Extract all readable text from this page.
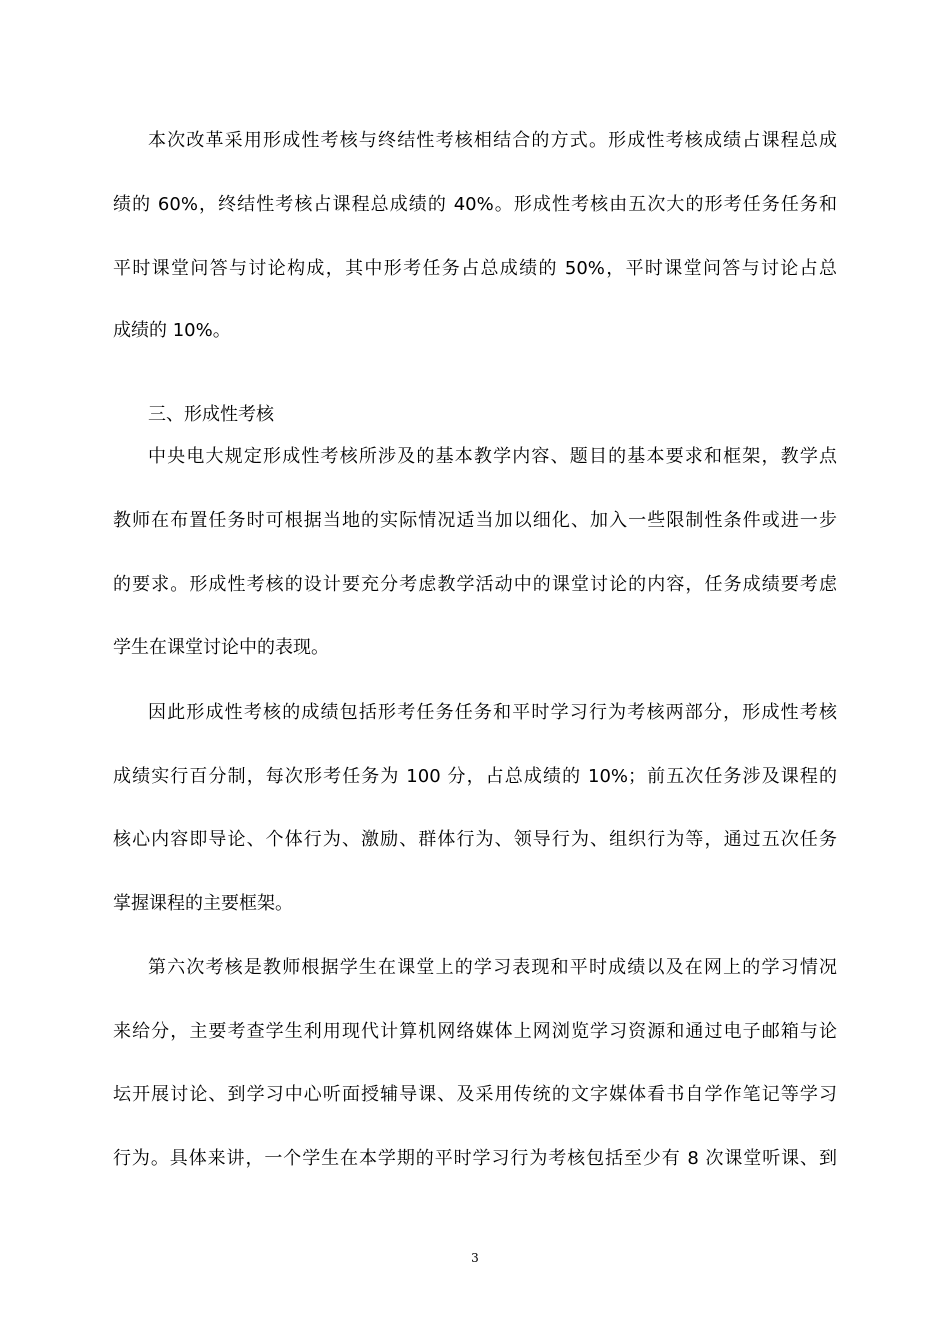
本次改革采用形成性考核与终结性考核相结合的方式。形成性考核成绩占课程总成
绩的 60%，终结性考核占课程总成绩的 40%。形成性考核由五次大的形考任务任务和
平时课堂问答与讨论构成，其中形考任务占总成绩的 50%，平时课堂问答与讨论占总
成绩的 10%。
三、形成性考核
中央电大规定形成性考核所涉及的基本教学内容、题目的基本要求和框架，教学点
教师在布置任务时可根据当地的实际情况适当加以细化、加入一些限制性条件或进一步
的要求。形成性考核的设计要充分考虑教学活动中的课堂讨论的内容，任务成绩要考虑
学生在课堂讨论中的表现。
因此形成性考核的成绩包括形考任务任务和平时学习行为考核两部分，形成性考核
成绩实行百分制，每次形考任务为 100 分，占总成绩的 10%；前五次任务涉及课程的
核心内容即导论、个体行为、激励、群体行为、领导行为、组织行为等，通过五次任务
掌握课程的主要框架。
第六次考核是教师根据学生在课堂上的学习表现和平时成绩以及在网上的学习情况
来给分，主要考查学生利用现代计算机网络媒体上网浏览学习资源和通过电子邮箱与论
坛开展讨论、到学习中心听面授辅导课、及采用传统的文字媒体看书自学作笔记等学习
行为。具体来讲，一个学生在本学期的平时学习行为考核包括至少有 8 次课堂听课、到
3
